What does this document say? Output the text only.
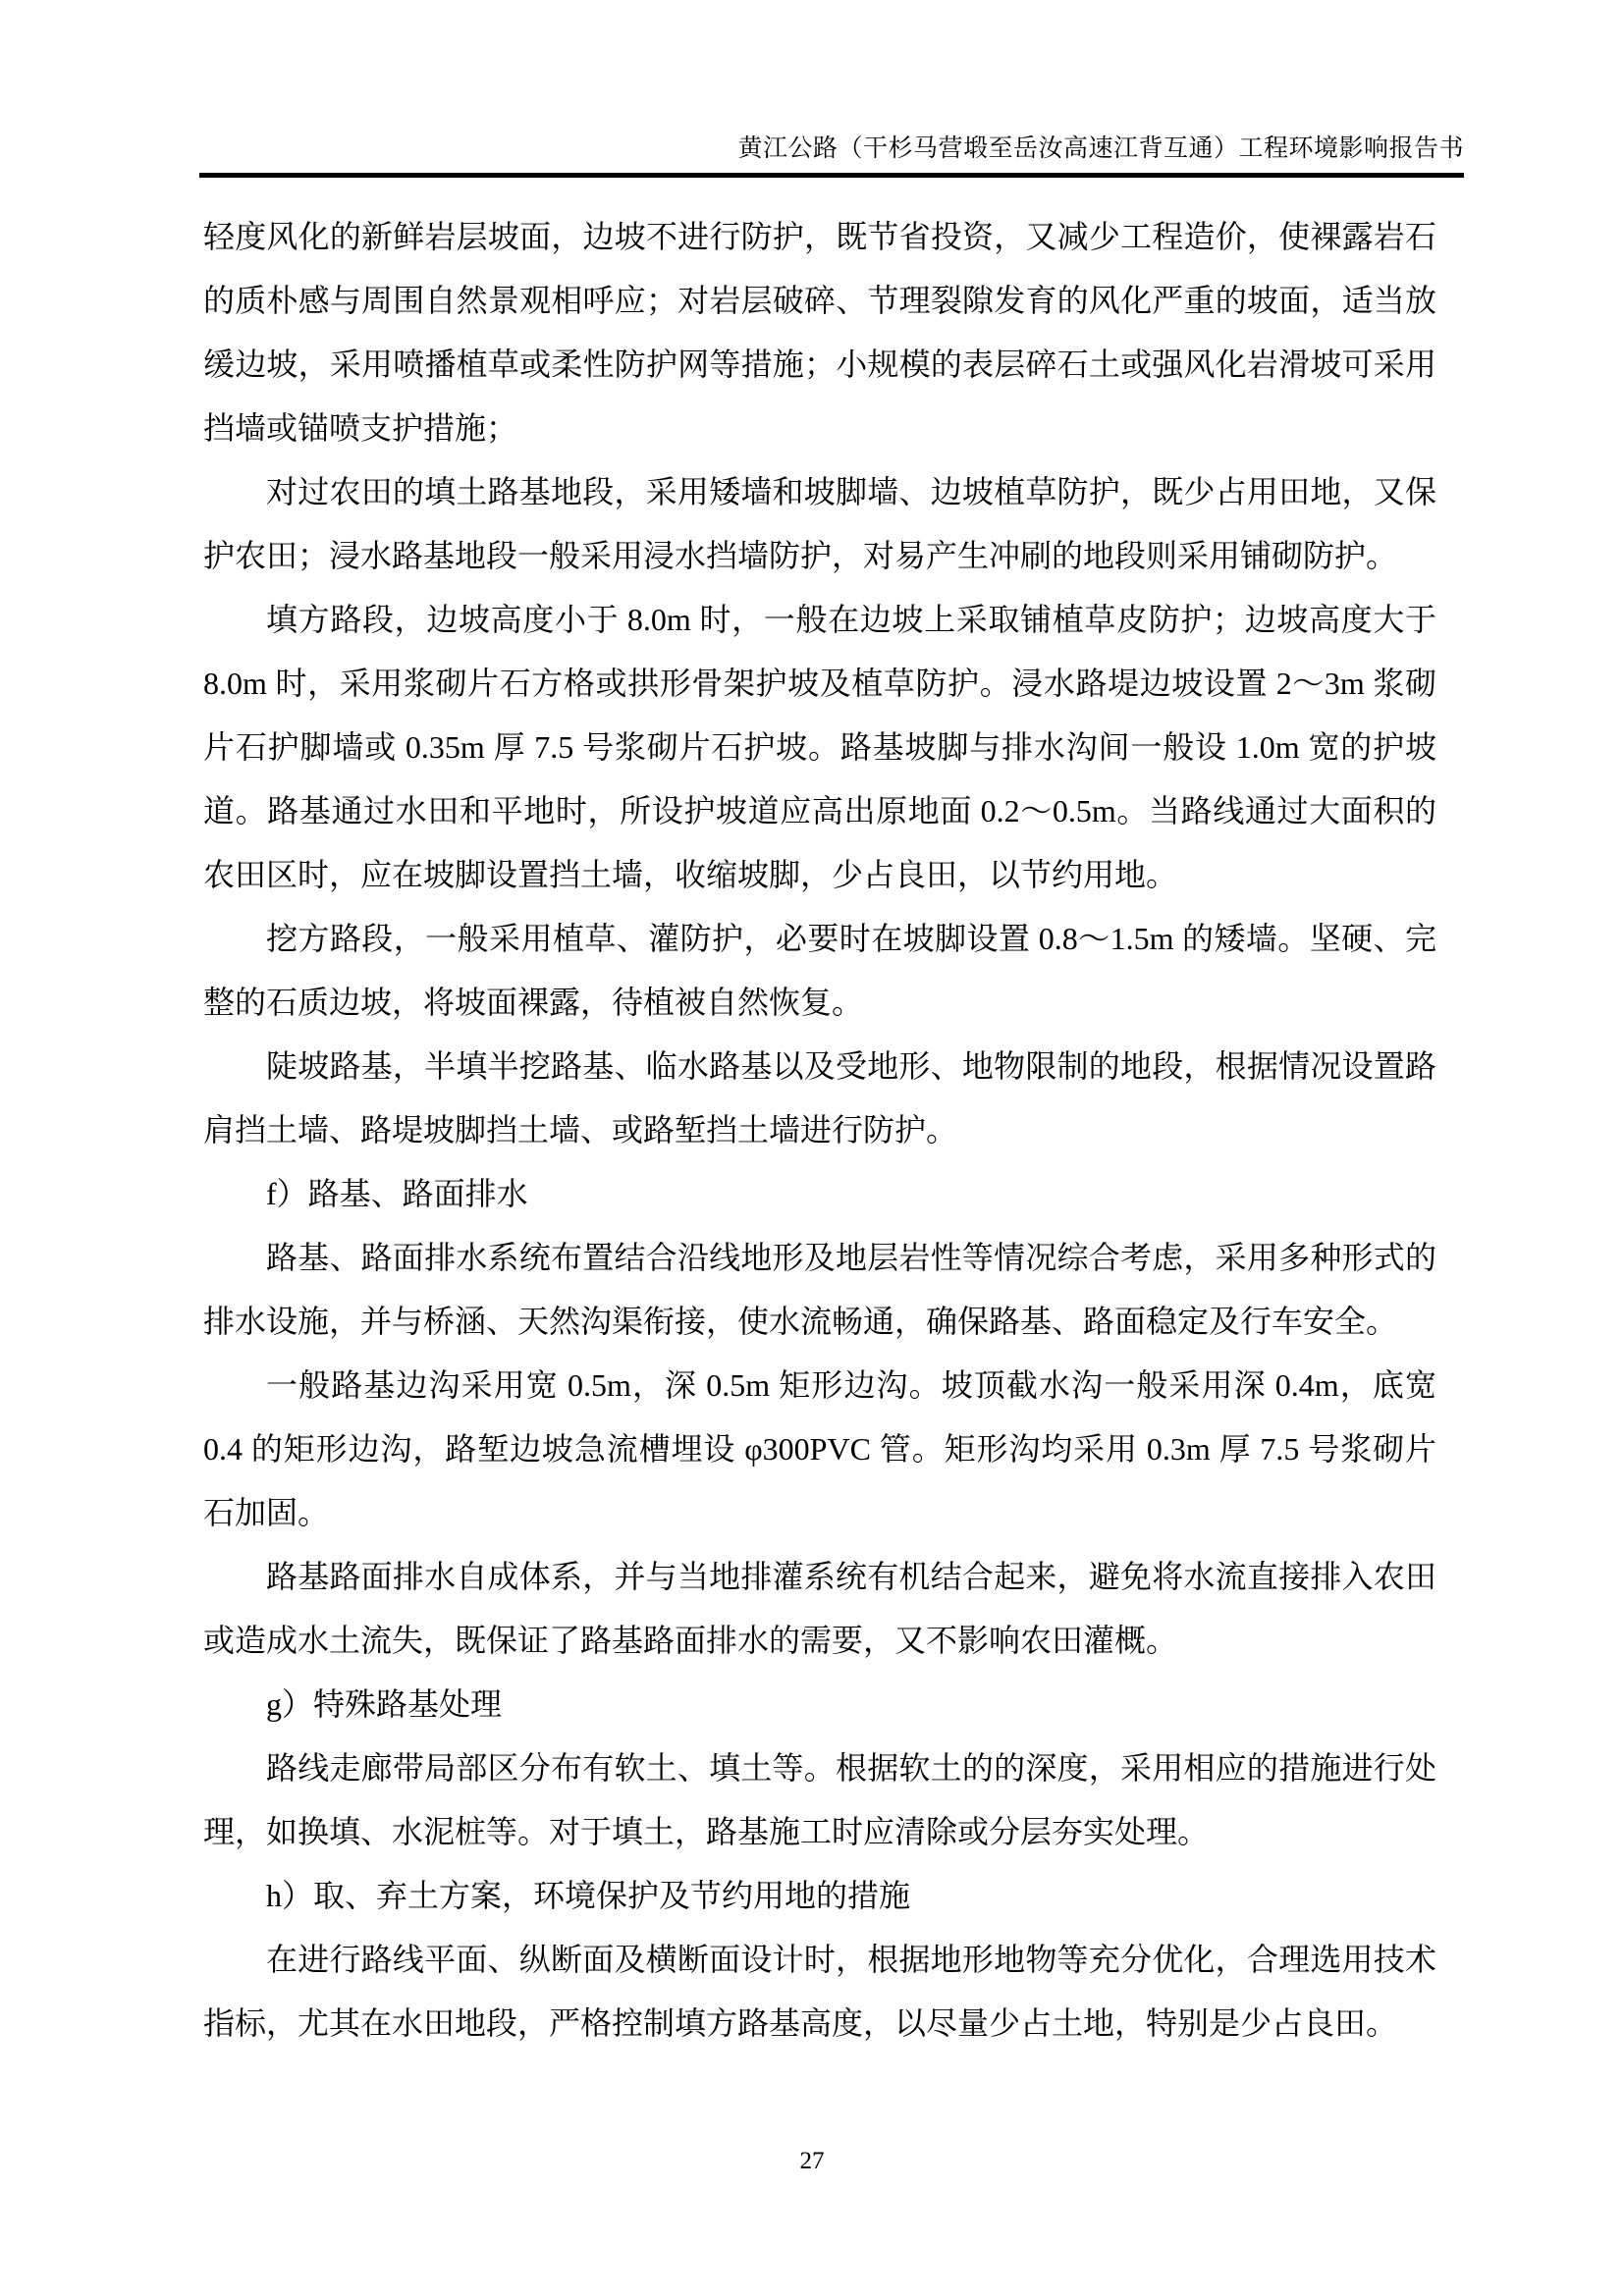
黄江公路（干杉马营塅至岳汝高速江背互通）工程环境影响报告书

轻度风化的新鲜岩层坡面，边坡不进行防护，既节省投资，又减少工程造价，使裸露岩石的质朴感与周围自然景观相呼应；对岩层破碎、节理裂隙发育的风化严重的坡面，适当放缓边坡，采用喷播植草或柔性防护网等措施；小规模的表层碎石土或强风化岩滑坡可采用挡墙或锚喷支护措施；

对过农田的填土路基地段，采用矮墙和坡脚墙、边坡植草防护，既少占用田地，又保护农田；浸水路基地段一般采用浸水挡墙防护，对易产生冲刷的地段则采用铺砌防护。

填方路段，边坡高度小于 8.0m 时，一般在边坡上采取铺植草皮防护；边坡高度大于 8.0m 时，采用浆砌片石方格或拱形骨架护坡及植草防护。浸水路堤边坡设置 2～3m 浆砌片石护脚墙或 0.35m 厚 7.5 号浆砌片石护坡。路基坡脚与排水沟间一般设 1.0m 宽的护坡道。路基通过水田和平地时，所设护坡道应高出原地面 0.2～0.5m。当路线通过大面积的农田区时，应在坡脚设置挡土墙，收缩坡脚，少占良田，以节约用地。

挖方路段，一般采用植草、灌防护，必要时在坡脚设置 0.8～1.5m 的矮墙。坚硬、完整的石质边坡，将坡面裸露，待植被自然恢复。

陡坡路基，半填半挖路基、临水路基以及受地形、地物限制的地段，根据情况设置路肩挡土墙、路堤坡脚挡土墙、或路堑挡土墙进行防护。

f）路基、路面排水

路基、路面排水系统布置结合沿线地形及地层岩性等情况综合考虑，采用多种形式的排水设施，并与桥涵、天然沟渠衔接，使水流畅通，确保路基、路面稳定及行车安全。

一般路基边沟采用宽 0.5m，深 0.5m 矩形边沟。坡顶截水沟一般采用深 0.4m，底宽 0.4 的矩形边沟，路堑边坡急流槽埋设 φ300PVC 管。矩形沟均采用 0.3m 厚 7.5 号浆砌片石加固。

路基路面排水自成体系，并与当地排灌系统有机结合起来，避免将水流直接排入农田或造成水土流失，既保证了路基路面排水的需要，又不影响农田灌概。

g）特殊路基处理

路线走廊带局部区分布有软土、填土等。根据软土的的深度，采用相应的措施进行处理，如换填、水泥桩等。对于填土，路基施工时应清除或分层夯实处理。

h）取、弃土方案，环境保护及节约用地的措施

在进行路线平面、纵断面及横断面设计时，根据地形地物等充分优化，合理选用技术指标，尤其在水田地段，严格控制填方路基高度，以尽量少占土地，特别是少占良田。

27
